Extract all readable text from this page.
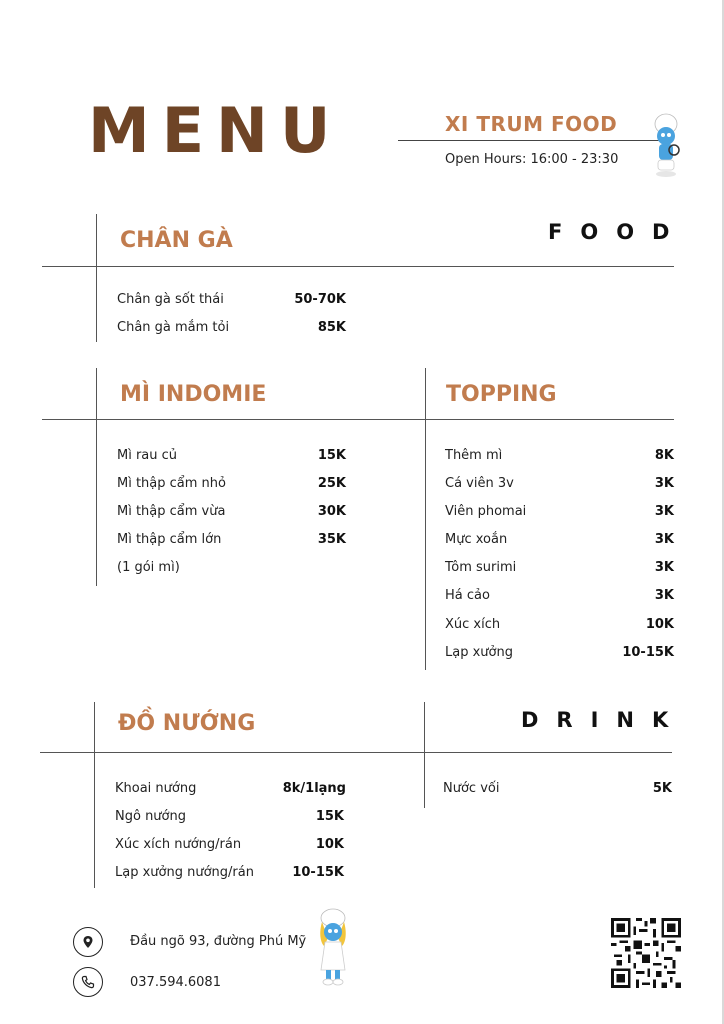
MENU	XI TRUM FOOD
Open Hours: 16:00 - 23:30
CHÂN GÀ	FOOD
Chân gà sốt thái	50-70K
Chân gà mắm tỏi	85K
MÌ INDOMIE
Mì rau củ	15K
Mì thập cẩm nhỏ	25K
Mì thập cẩm vừa	30K
Mì thập cẩm lớn	35K
(1 gói mì)
TOPPING
Thêm mì	8K
Cá viên 3v	3K
Viên phomai	3K
Mực xoắn	3K
Tôm surimi	3K
Há cảo	3K
Xúc xích	10K
Lạp xưởng	10-15K
ĐỒ NƯỚNG	DRINK
Khoai nướng	8k/1lạng
Ngô nướng	15K
Xúc xích nướng/rán	10K
Lạp xưởng nướng/rán	10-15K
Nước vối	5K
Đầu ngõ 93, đường Phú Mỹ
037.594.6081
